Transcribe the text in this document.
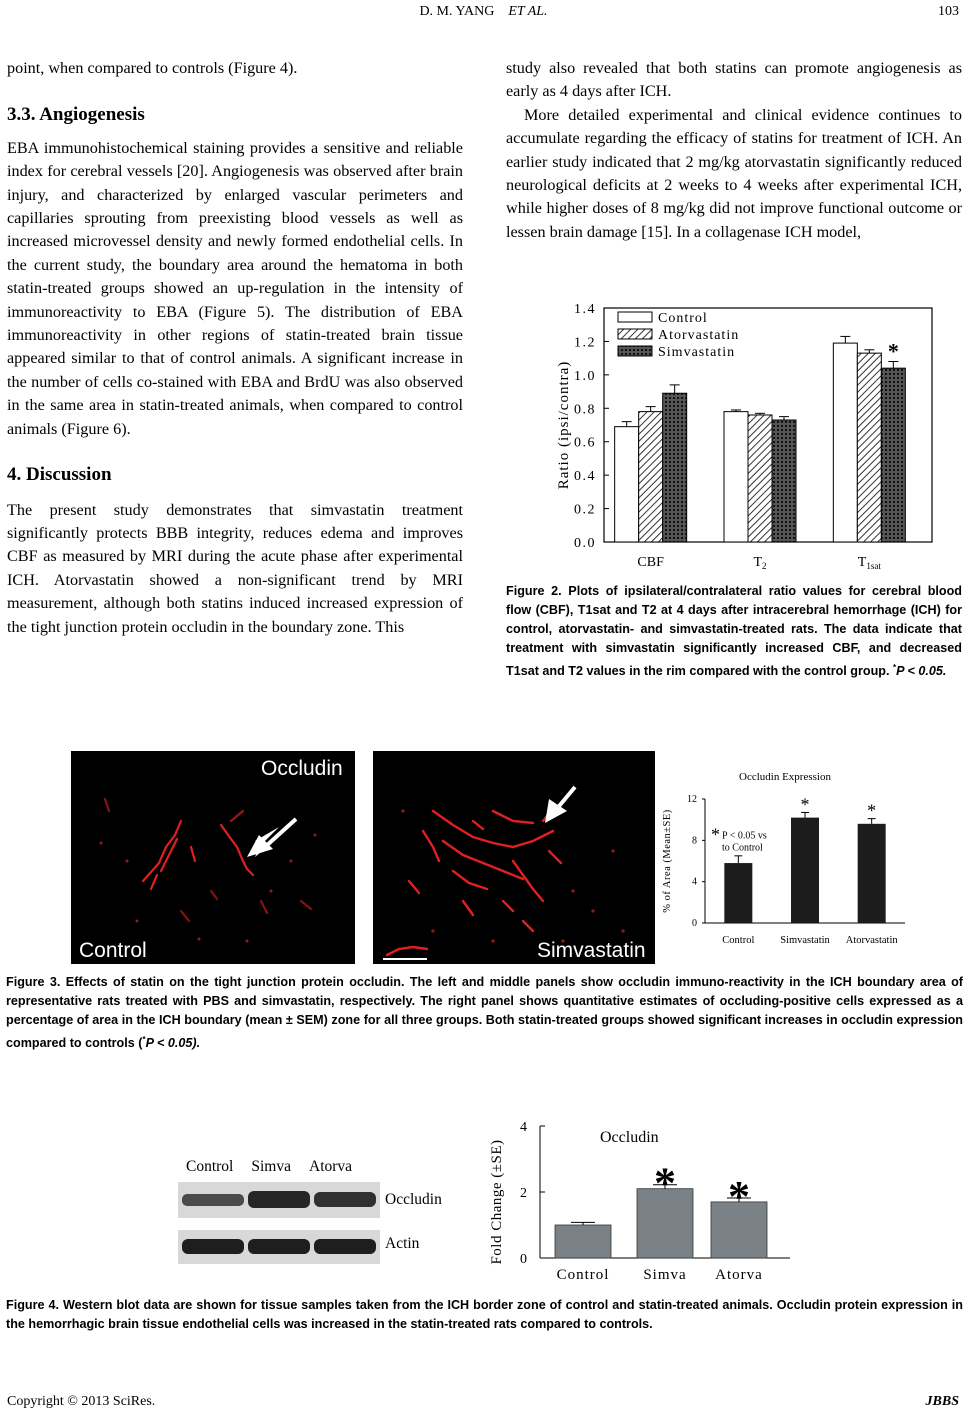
D. M. YANG ET AL.	103

point, when compared to controls (Figure 4).

3.3. Angiogenesis

EBA immunohistochemical staining provides a sensitive and reliable index for cerebral vessels [20]. Angiogenesis was observed after brain injury, and characterized by enlarged vascular perimeters and capillaries sprouting from preexisting blood vessels as well as increased microvessel density and newly formed endothelial cells. In the current study, the boundary area around the hematoma in both statin-treated groups showed an up-regulation in the intensity of immunoreactivity to EBA (Figure 5). The distribution of EBA immunoreactivity in other regions of statin-treated brain tissue appeared similar to that of control animals. A significant increase in the number of cells co-stained with EBA and BrdU was also observed in the same area in statin-treated animals, when compared to control animals (Figure 6).

4. Discussion

The present study demonstrates that simvastatin treatment significantly protects BBB integrity, reduces edema and improves CBF as measured by MRI during the acute phase after experimental ICH. Atorvastatin showed a non-significant trend by MRI measurement, although both statins induced increased expression of the tight junction protein occludin in the boundary zone. This

study also revealed that both statins can promote angiogenesis as early as 4 days after ICH.

More detailed experimental and clinical evidence continues to accumulate regarding the efficacy of statins for treatment of ICH. An earlier study indicated that 2 mg/kg atorvastatin significantly reduced neurological deficits at 2 weeks to 4 weeks after experimental ICH, while higher doses of 8 mg/kg did not improve functional outcome or lessen brain damage [15]. In a collagenase ICH model,

0.0
0.2
0.4
0.6
0.8
1.0
1.2
1.4
Ratio (ipsi/contra)
CBF	$T_2$
*
$T_{1sat}$
Control
Atorvastatin
Simvastatin
Figure 2. Plots of ipsilateral/contralateral ratio values for cerebral blood flow (CBF), T1sat and T2 at 4 days after intracerebral hemorrhage (ICH) for control, atorvastatin- and simvastatin-treated rats. The data indicate that treatment with simvastatin significantly increased CBF, and decreased T1sat and T2 values in the rim compared with the control group. *P < 0.05.
Occludin
Control	Simvastatin
Occludin Expression
0
4
8
12
% of Area (Mean±SE)
Control
*
Simvastatin
*
Atorvastatin
* P < 0.05 vs
to Control
Figure 3. Effects of statin on the tight junction protein occludin. The left and middle panels show occludin immuno-reactivity in the ICH boundary area of representative rats treated with PBS and simvastatin, respectively. The right panel shows quantitative estimates of occluding-positive cells expressed as a percentage of area in the ICH boundary (mean ± SEM) zone for all three groups. Both statin-treated groups showed significant increases in occludin expression compared to controls (*P < 0.05).
Control Simva Atorva
Occludin
Actin
Occludin
0
2
4
Fold Change (±SE)
Control
*
Simva
*
Atorva
Figure 4. Western blot data are shown for tissue samples taken from the ICH border zone of control and statin-treated animals. Occludin protein expression in the hemorrhagic brain tissue endothelial cells was increased in the statin-treated rats compared to controls.
Copyright © 2013 SciRes.	JBBS
